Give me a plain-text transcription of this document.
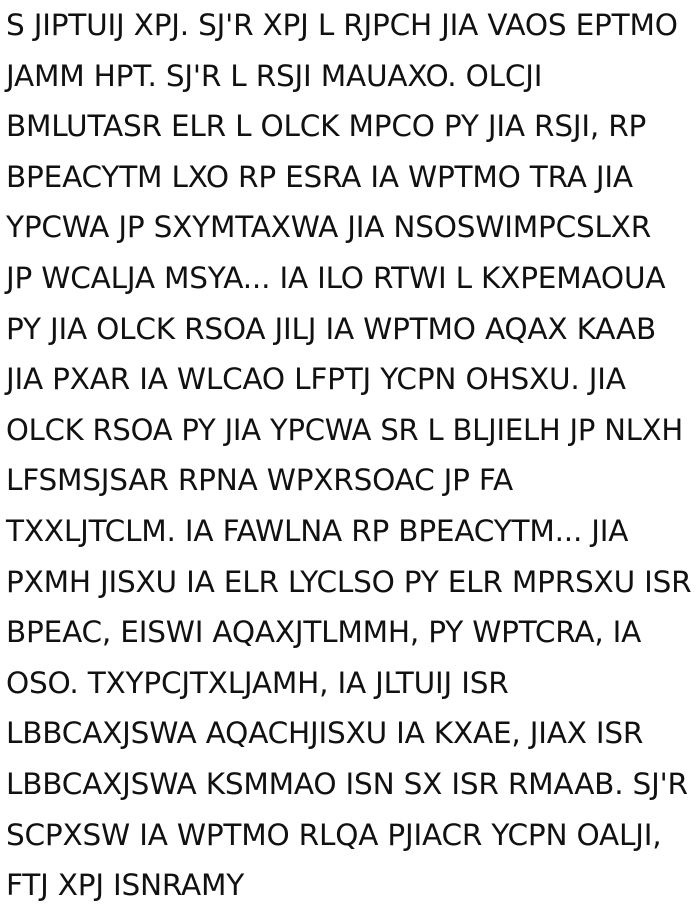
S JIPTUIJ XPJ. SJ'R XPJ L RJPCH JIA VAOS EPTMO
JAMM HPT. SJ'R L RSJI MAUAXO. OLCJI
BMLUTASR ELR L OLCK MPCO PY JIA RSJI, RP
BPEACYTM LXO RP ESRA IA WPTMO TRA JIA
YPCWA JP SXYMTAXWA JIA NSOSWIMPCSLXR
JP WCALJA MSYA... IA ILO RTWI L KXPEMAOUA
PY JIA OLCK RSOA JILJ IA WPTMO AQAX KAAB
JIA PXAR IA WLCAO LFPTJ YCPN OHSXU. JIA
OLCK RSOA PY JIA YPCWA SR L BLJIELH JP NLXH
LFSMSJSAR RPNA WPXRSOAC JP FA
TXXLJTCLM. IA FAWLNA RP BPEACYTM... JIA
PXMH JISXU IA ELR LYCLSO PY ELR MPRSXU ISR
BPEAC, EISWI AQAXJTLMMH, PY WPTCRA, IA
OSO. TXYPCJTXLJAMH, IA JLTUIJ ISR
LBBCAXJSWA AQACHJISXU IA KXAE, JIAX ISR
LBBCAXJSWA KSMMAO ISN SX ISR RMAAB. SJ'R
SCPXSW IA WPTMO RLQA PJIACR YCPN OALJI,
FTJ XPJ ISNRAMY
